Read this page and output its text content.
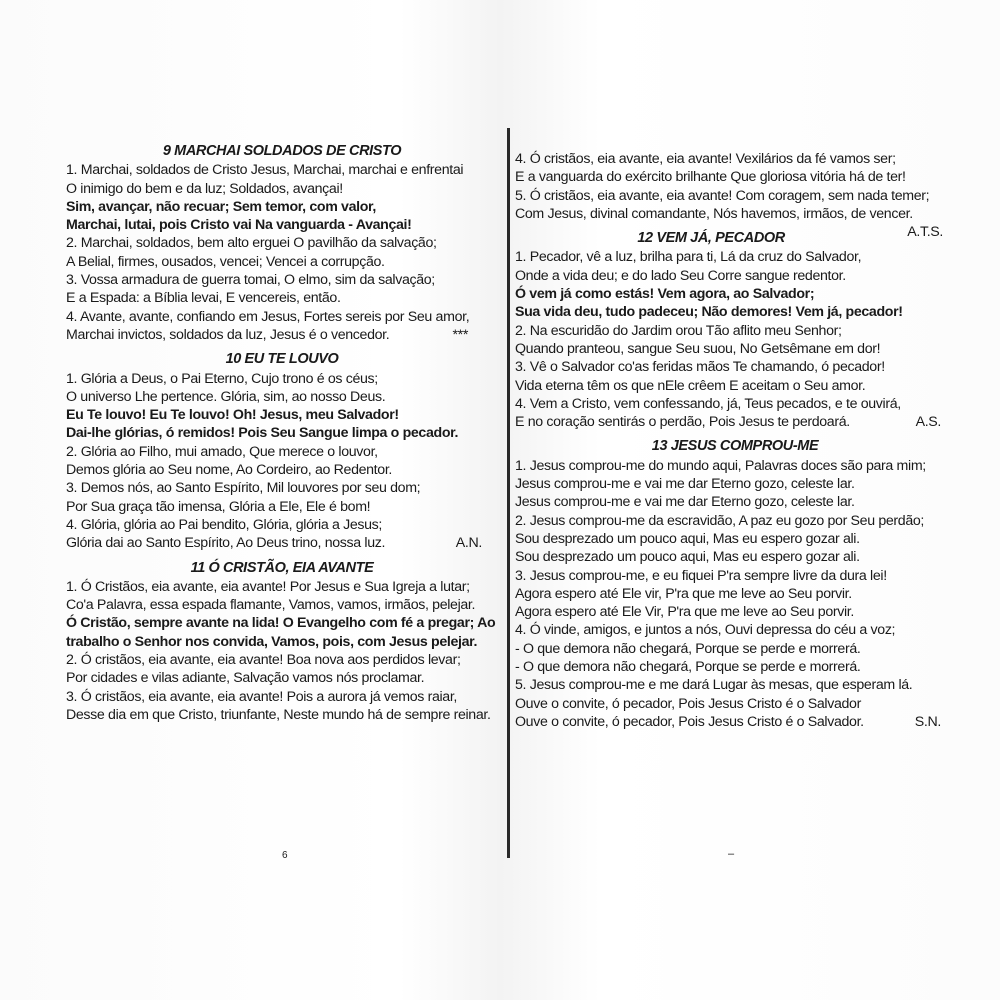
9 MARCHAI SOLDADOS DE CRISTO
1. Marchai, soldados de Cristo Jesus, Marchai, marchai e enfrentai
O inimigo do bem e da luz; Soldados, avançai!
Sim, avançar, não recuar; Sem temor, com valor,
Marchai, lutai, pois Cristo vai Na vanguarda - Avançai!
2. Marchai, soldados, bem alto erguei O pavilhão da salvação;
A Belial, firmes, ousados, vencei; Vencei a corrupção.
3. Vossa armadura de guerra tomai, O elmo, sim da salvação;
E a Espada: a Bíblia levai, E vencereis, então.
4. Avante, avante, confiando em Jesus, Fortes sereis por Seu amor,
Marchai invictos, soldados da luz, Jesus é o vencedor.	***
10 EU TE LOUVO
1. Glória a Deus, o Pai Eterno, Cujo trono é os céus;
O universo Lhe pertence. Glória, sim, ao nosso Deus.
Eu Te louvo! Eu Te louvo! Oh! Jesus, meu Salvador!
Dai-lhe glórias, ó remidos! Pois Seu Sangue limpa o pecador.
2. Glória ao Filho, mui amado, Que merece o louvor,
Demos glória ao Seu nome, Ao Cordeiro, ao Redentor.
3. Demos nós, ao Santo Espírito, Mil louvores por seu dom;
Por Sua graça tão imensa, Glória a Ele, Ele é bom!
4. Glória, glória ao Pai bendito, Glória, glória a Jesus;
Glória dai ao Santo Espírito, Ao Deus trino, nossa luz.	A.N.
11 Ó CRISTÃO, EIA AVANTE
1. Ó Cristãos, eia avante, eia avante! Por Jesus e Sua Igreja a lutar;
Co'a Palavra, essa espada flamante, Vamos, vamos, irmãos, pelejar.
Ó Cristão, sempre avante na lida! O Evangelho com fé a pregar; Ao trabalho o Senhor nos convida, Vamos, pois, com Jesus pelejar.
2. Ó cristãos, eia avante, eia avante! Boa nova aos perdidos levar;
Por cidades e vilas adiante, Salvação vamos nós proclamar.
3. Ó cristãos, eia avante, eia avante! Pois a aurora já vemos raiar,
Desse dia em que Cristo, triunfante, Neste mundo há de sempre reinar.
6
4. Ó cristãos, eia avante, eia avante! Vexilários da fé vamos ser;
E a vanguarda do exército brilhante Que gloriosa vitória há de ter!
5. Ó cristãos, eia avante, eia avante! Com coragem, sem nada temer;
Com Jesus, divinal comandante, Nós havemos, irmãos, de vencer.
A.T.S.
12 VEM JÁ, PECADOR
1. Pecador, vê a luz, brilha para ti, Lá da cruz do Salvador,
Onde a vida deu; e do lado Seu Corre sangue redentor.
Ó vem já como estás! Vem agora, ao Salvador;
Sua vida deu, tudo padeceu; Não demores! Vem já, pecador!
2. Na escuridão do Jardim orou Tão aflito meu Senhor;
Quando pranteou, sangue Seu suou, No Getsêmane em dor!
3. Vê o Salvador co'as feridas mãos Te chamando, ó pecador!
Vida eterna têm os que nEle crêem E aceitam o Seu amor.
4. Vem a Cristo, vem confessando, já, Teus pecados, e te ouvirá,
E no coração sentirás o perdão, Pois Jesus te perdoará.	A.S.
13 JESUS COMPROU-ME
1. Jesus comprou-me do mundo aqui, Palavras doces são para mim;
Jesus comprou-me e vai me dar Eterno gozo, celeste lar.
Jesus comprou-me e vai me dar Eterno gozo, celeste lar.
2. Jesus comprou-me da escravidão, A paz eu gozo por Seu perdão;
Sou desprezado um pouco aqui, Mas eu espero gozar ali.
Sou desprezado um pouco aqui, Mas eu espero gozar ali.
3. Jesus comprou-me, e eu fiquei P'ra sempre livre da dura lei!
Agora espero até Ele vir, P'ra que me leve ao Seu porvir.
Agora espero até Ele Vir, P'ra que me leve ao Seu porvir.
4. Ó vinde, amigos, e juntos a nós, Ouvi depressa do céu a voz;
- O que demora não chegará, Porque se perde e morrerá.
- O que demora não chegará, Porque se perde e morrerá.
5. Jesus comprou-me e me dará Lugar às mesas, que esperam lá.
Ouve o convite, ó pecador, Pois Jesus Cristo é o Salvador
Ouve o convite, ó pecador, Pois Jesus Cristo é o Salvador.	S.N.
–
